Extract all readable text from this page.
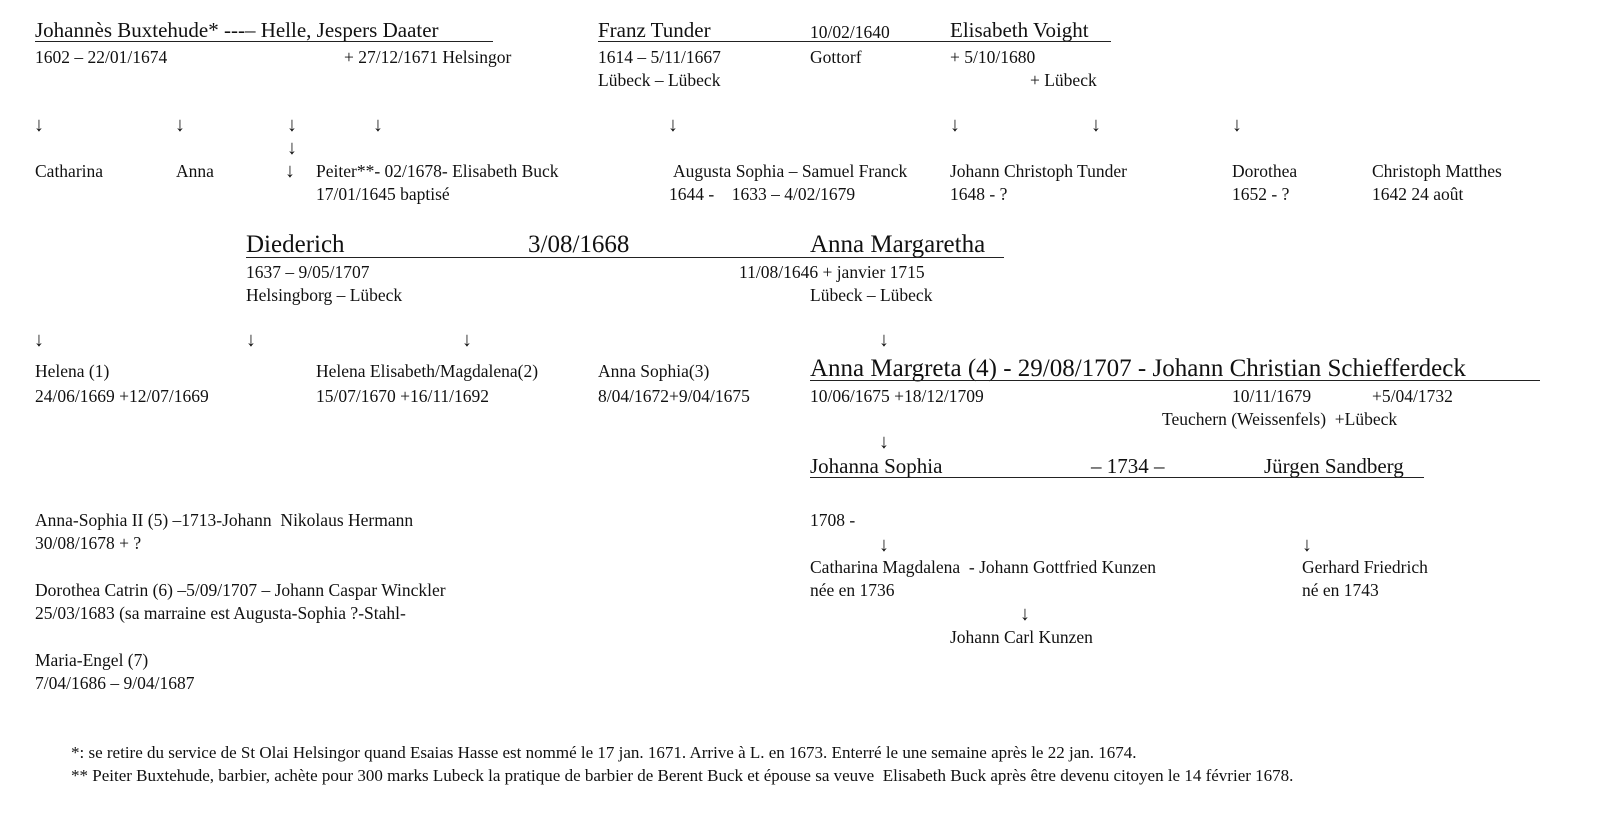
Johannès Buxtehude* ---– Helle, Jespers Daater
1602 – 22/01/1674	+ 27/12/1671 Helsingor
Franz Tunder	10/02/1640	Elisabeth Voight
1614 – 5/11/1667	Gottorf	+ 5/10/1680
Lübeck – Lübeck	+ Lübeck
↓	↓	↓
↓
↓
↓	↓	↓	↓	↓
Catharina	Anna	Peiter**- 02/1678- Elisabeth Buck
17/01/1645 baptisé
Augusta Sophia – Samuel Franck
1644 -    1633 – 4/02/1679
Johann Christoph Tunder
1648 - ?
Dorothea
1652 - ?
Christoph Matthes
1642 24 août
Diederich	3/08/1668	Anna Margaretha
1637 – 9/05/1707	11/08/1646 + janvier 1715
Helsingborg – Lübeck	Lübeck – Lübeck
↓	↓	↓	↓
Helena (1)
24/06/1669 +12/07/1669
Helena Elisabeth/Magdalena(2)
15/07/1670 +16/11/1692
Anna Sophia(3)
8/04/1672+9/04/1675
Anna Margreta (4) - 29/08/1707 - Johann Christian Schiefferdeck
10/06/1675 +18/12/1709	10/11/1679	+5/04/1732
Teuchern (Weissenfels)  +Lübeck
↓
Johanna Sophia	– 1734 –	Jürgen Sandberg
1708 -
↓	↓
Catharina Magdalena  - Johann Gottfried Kunzen
née en 1736
Gerhard Friedrich
né en 1743
↓
Johann Carl Kunzen
Anna-Sophia II (5) –1713-Johann  Nikolaus Hermann
30/08/1678 + ?
Dorothea Catrin (6) –5/09/1707 – Johann Caspar Winckler
25/03/1683 (sa marraine est Augusta-Sophia ?-Stahl-
Maria-Engel (7)
7/04/1686 – 9/04/1687
*: se retire du service de St Olai Helsingor quand Esaias Hasse est nommé le 17 jan. 1671. Arrive à L. en 1673. Enterré le une semaine après le 22 jan. 1674.
** Peiter Buxtehude, barbier, achète pour 300 marks Lubeck la pratique de barbier de Berent Buck et épouse sa veuve  Elisabeth Buck après être devenu citoyen le 14 février 1678.
